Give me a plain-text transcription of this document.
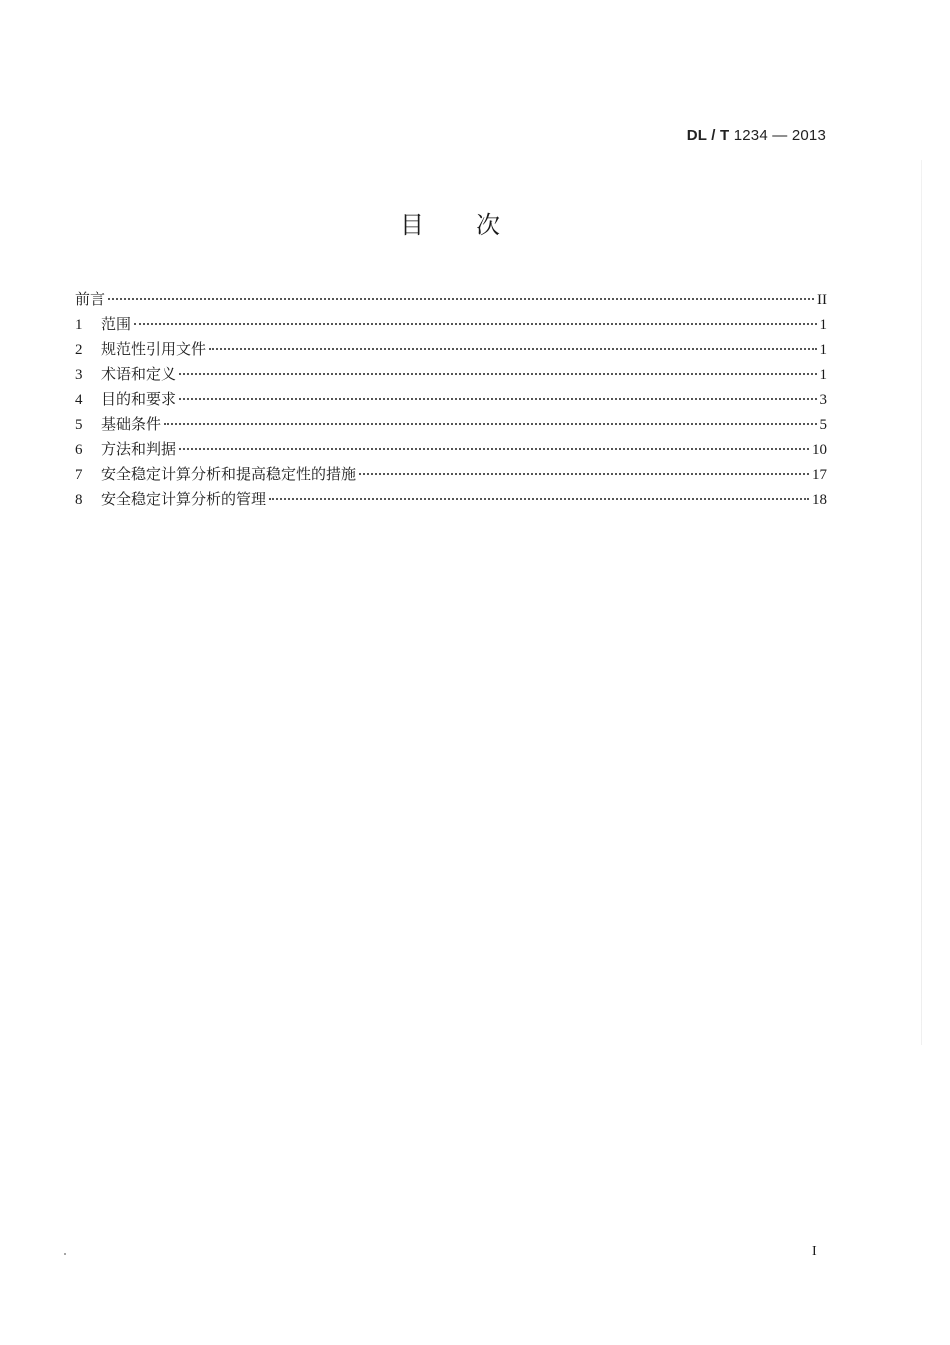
DL / T 1234 — 2013
目 次
前言	II
1	范围	1
2	规范性引用文件	1
3	术语和定义	1
4	目的和要求	3
5	基础条件	5
6	方法和判据	10
7	安全稳定计算分析和提高稳定性的措施	17
8	安全稳定计算分析的管理	18
I
